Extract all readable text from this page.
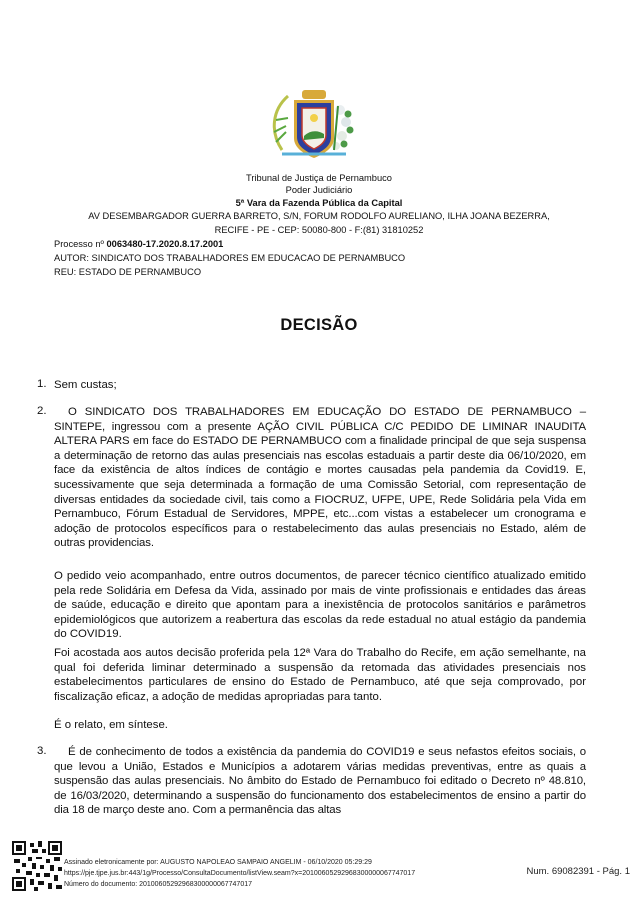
Tribunal de Justiça de Pernambuco
Poder Judiciário
5ª Vara da Fazenda Pública da Capital
AV DESEMBARGADOR GUERRA BARRETO, S/N, FORUM RODOLFO AURELIANO, ILHA JOANA BEZERRA,
RECIFE - PE - CEP: 50080-800 - F:(81) 31810252
Processo nº 0063480-17.2020.8.17.2001
AUTOR: SINDICATO DOS TRABALHADORES EM EDUCACAO DE PERNAMBUCO
REU: ESTADO DE PERNAMBUCO
DECISÃO
1. Sem custas;
2.	O SINDICATO DOS TRABALHADORES EM EDUCAÇÃO DO ESTADO DE PERNAMBUCO – SINTEPE, ingressou com a presente AÇÃO CIVIL PÚBLICA C/C PEDIDO DE LIMINAR INAUDITA ALTERA PARS em face do ESTADO DE PERNAMBUCO com a finalidade principal de que seja suspensa a determinação de retorno das aulas presenciais nas escolas estaduais a partir deste dia 06/10/2020, em face da existência de altos índices de contágio e mortes causadas pela pandemia da Covid19. E, sucessivamente que seja determinada a formação de uma Comissão Setorial, com representação de diversas entidades da sociedade civil, tais como a FIOCRUZ, UFPE, UPE, Rede Solidária pela Vida em Pernambuco, Fórum Estadual de Servidores, MPPE, etc...com vistas a estabelecer um cronograma e adoção de protocolos específicos para o restabelecimento das aulas presenciais no Estado, além de outras providencias.
O pedido veio acompanhado, entre outros documentos, de parecer técnico científico atualizado emitido pela rede Solidária em Defesa da Vida, assinado por mais de vinte profissionais e entidades das áreas de saúde, educação e direito que apontam para a inexistência de protocolos sanitários e parâmetros epidemiológicos que autorizem a reabertura das escolas da rede estadual no atual estágio da pandemia do COVID19.
Foi acostada aos autos decisão proferida pela 12ª Vara do Trabalho do Recife, em ação semelhante, na qual foi deferida liminar determinado a suspensão da retomada das atividades presenciais nos estabelecimentos particulares de ensino do Estado de Pernambuco, até que seja comprovado, por fiscalização eficaz, a adoção de medidas apropriadas para tanto.
É o relato, em síntese.
3.	É de conhecimento de todos a existência da pandemia do COVID19 e seus nefastos efeitos sociais, o que levou a União, Estados e Municípios a adotarem várias medidas preventivas, entre as quais a suspensão das aulas presenciais. No âmbito do Estado de Pernambuco foi editado o Decreto nº 48.810, de 16/03/2020, determinando a suspensão do funcionamento dos estabelecimentos de ensino a partir do dia 18 de março deste ano. Com a permanência das altas
Assinado eletronicamente por: AUGUSTO NAPOLEAO SAMPAIO ANGELIM - 06/10/2020 05:29:29
https://pje.tjpe.jus.br:443/1g/Processo/ConsultaDocumento/listView.seam?x=20100605292968300000067747017
Número do documento: 20100605292968300000067747017
Num. 69082391 - Pág. 1
